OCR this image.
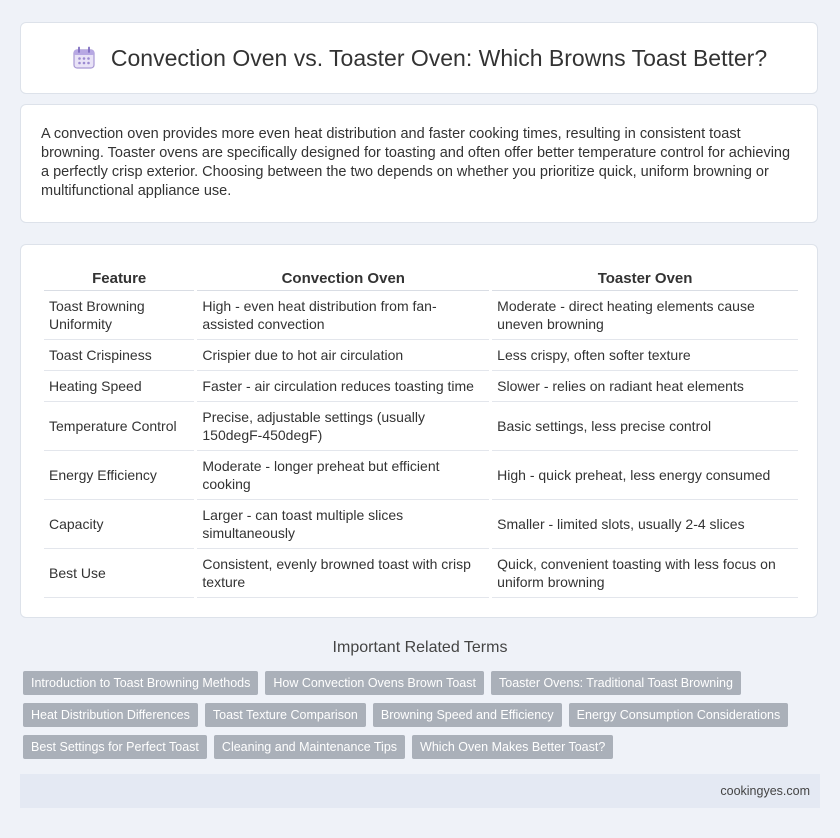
Convection Oven vs. Toaster Oven: Which Browns Toast Better?

A convection oven provides more even heat distribution and faster cooking times, resulting in consistent toast browning. Toaster ovens are specifically designed for toasting and often offer better temperature control for achieving a perfectly crisp exterior. Choosing between the two depends on whether you prioritize quick, uniform browning or multifunctional appliance use.

Feature	Convection Oven	Toaster Oven
Toast Browning Uniformity	High - even heat distribution from fan-assisted convection	Moderate - direct heating elements cause uneven browning
Toast Crispiness	Crispier due to hot air circulation	Less crispy, often softer texture
Heating Speed	Faster - air circulation reduces toasting time	Slower - relies on radiant heat elements
Temperature Control	Precise, adjustable settings (usually 150degF-450degF)	Basic settings, less precise control
Energy Efficiency	Moderate - longer preheat but efficient cooking	High - quick preheat, less energy consumed
Capacity	Larger - can toast multiple slices simultaneously	Smaller - limited slots, usually 2-4 slices
Best Use	Consistent, evenly browned toast with crisp texture	Quick, convenient toasting with less focus on uniform browning
Important Related Terms
Introduction to Toast Browning Methods	How Convection Ovens Brown Toast	Toaster Ovens: Traditional Toast Browning
Heat Distribution Differences	Toast Texture Comparison	Browning Speed and Efficiency	Energy Consumption Considerations
Best Settings for Perfect Toast	Cleaning and Maintenance Tips	Which Oven Makes Better Toast?
cookingyes.com
